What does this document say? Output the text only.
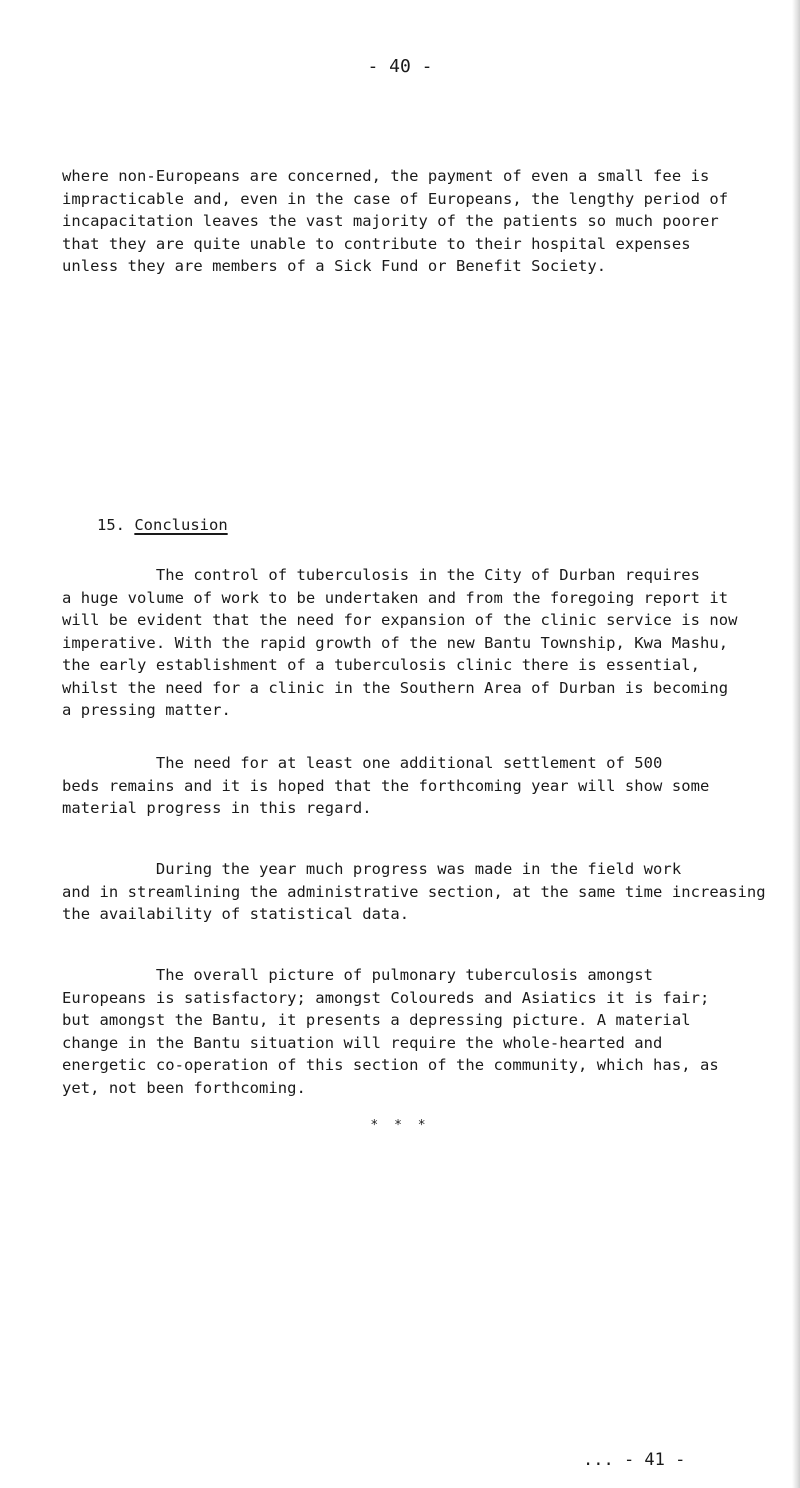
- 40 -
where non-Europeans are concerned, the payment of even a small fee is
impracticable and, even in the case of Europeans, the lengthy period of
incapacitation leaves the vast majority of the patients so much poorer
that they are quite unable to contribute to their hospital expenses
unless they are members of a Sick Fund or Benefit Society.
15. Conclusion
The control of tuberculosis in the City of Durban requires
a huge volume of work to be undertaken and from the foregoing report it
will be evident that the need for expansion of the clinic service is now
imperative. With the rapid growth of the new Bantu Township, Kwa Mashu,
the early establishment of a tuberculosis clinic there is essential,
whilst the need for a clinic in the Southern Area of Durban is becoming
a pressing matter.
The need for at least one additional settlement of 500
beds remains and it is hoped that the forthcoming year will show some
material progress in this regard.
During the year much progress was made in the field work
and in streamlining the administrative section, at the same time increasing
the availability of statistical data.
The overall picture of pulmonary tuberculosis amongst
Europeans is satisfactory; amongst Coloureds and Asiatics it is fair;
but amongst the Bantu, it presents a depressing picture. A material
change in the Bantu situation will require the whole-hearted and
energetic co-operation of this section of the community, which has, as
yet, not been forthcoming.
* * *
... - 41 -
